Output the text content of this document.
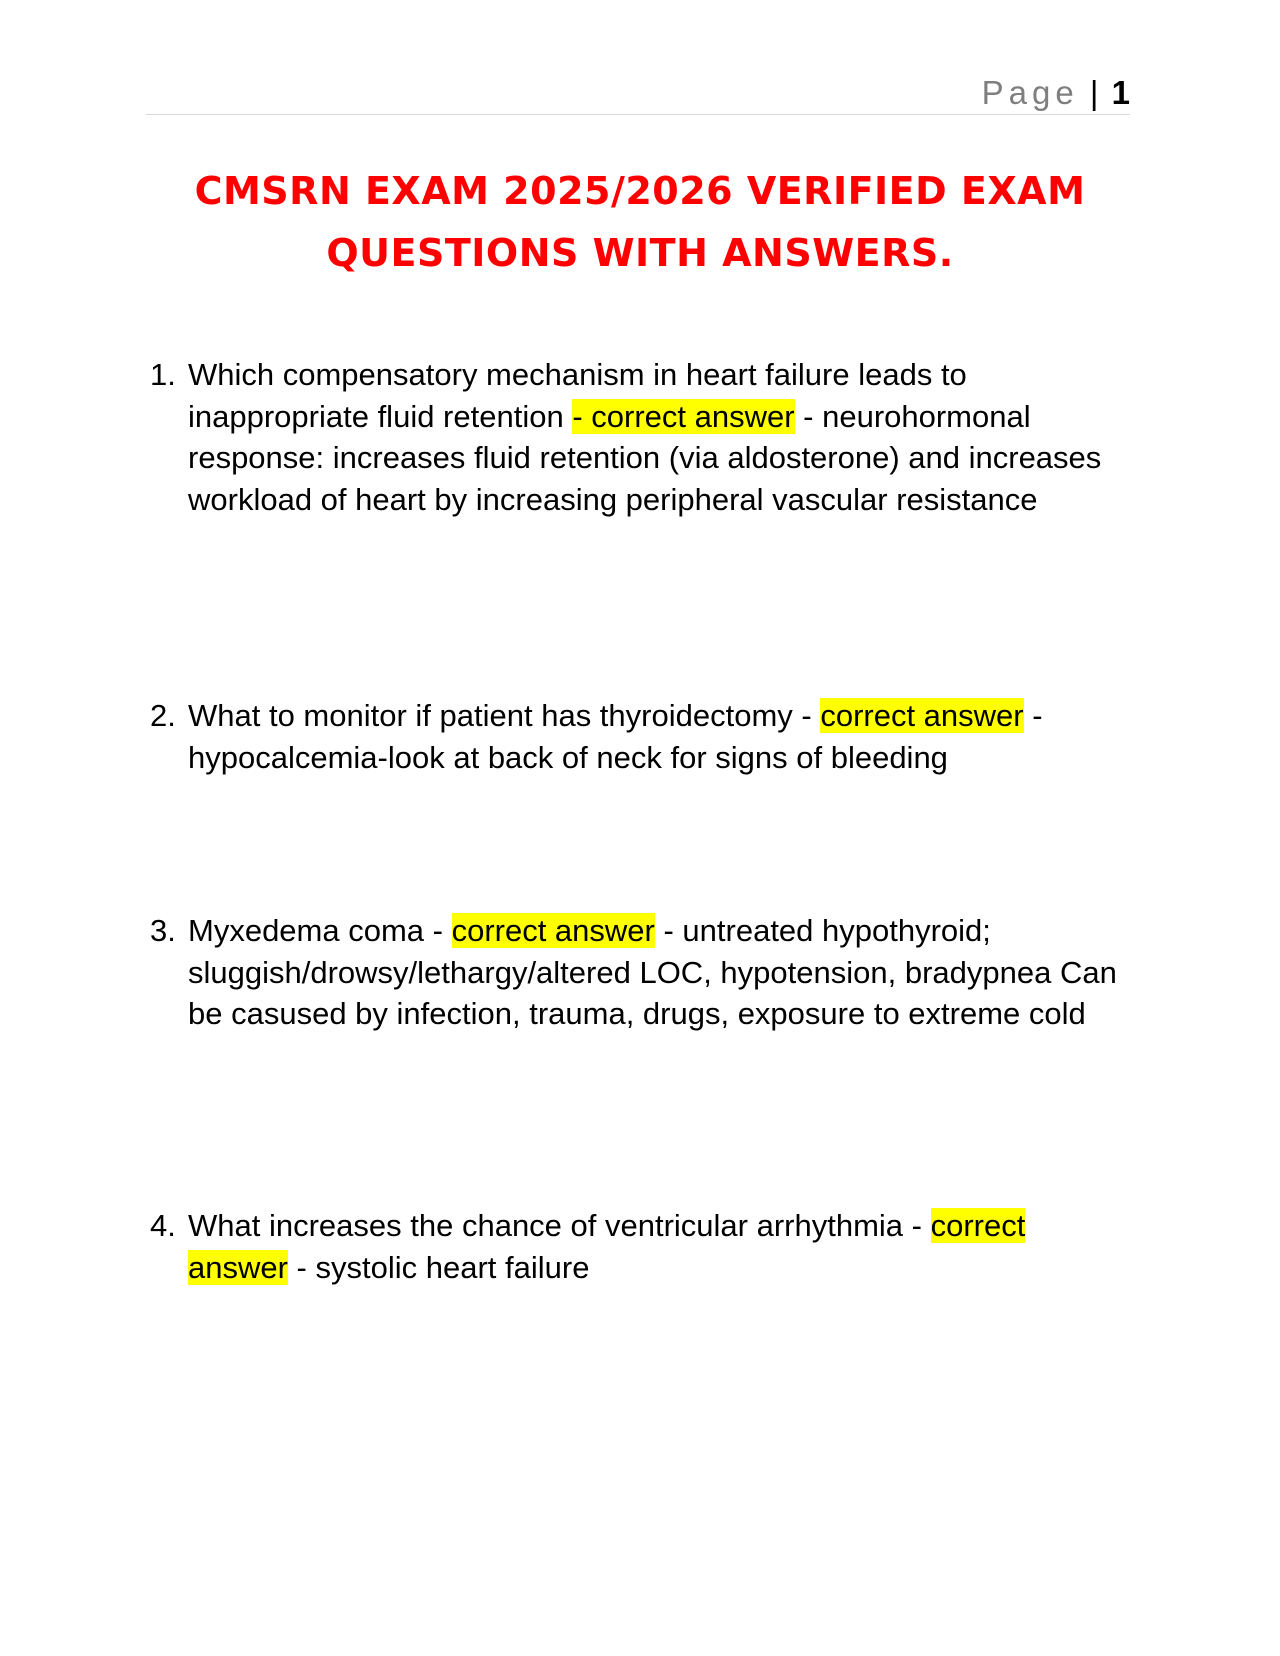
Page | 1
CMSRN EXAM 2025/2026 VERIFIED EXAM
QUESTIONS WITH ANSWERS.
1. Which compensatory mechanism in heart failure leads to inappropriate fluid retention - correct answer - neurohormonal response: increases fluid retention (via aldosterone) and increases workload of heart by increasing peripheral vascular resistance
2. What to monitor if patient has thyroidectomy - correct answer - hypocalcemia-look at back of neck for signs of bleeding
3. Myxedema coma - correct answer - untreated hypothyroid; sluggish/drowsy/lethargy/altered LOC, hypotension, bradypnea Can be casused by infection, trauma, drugs, exposure to extreme cold
4. What increases the chance of ventricular arrhythmia - correct answer - systolic heart failure
